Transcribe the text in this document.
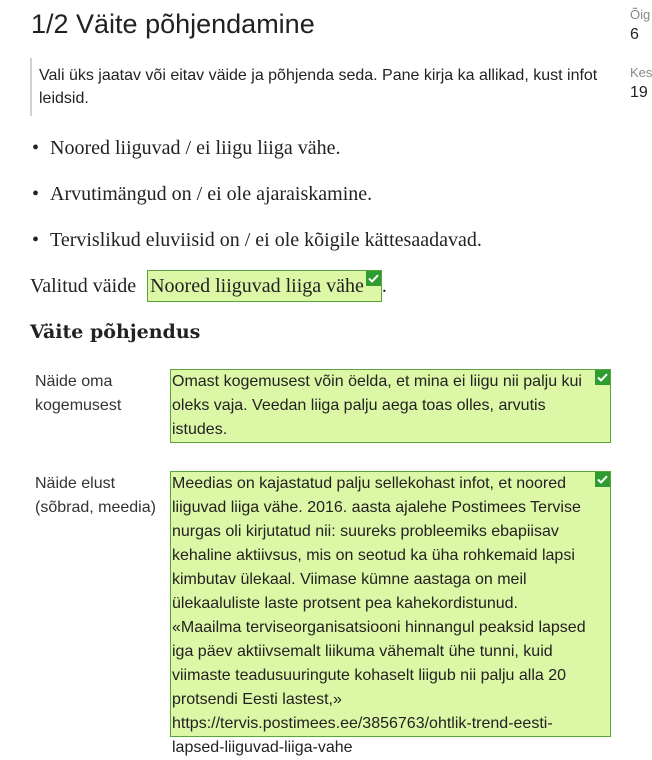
1/2 Väite põhjendamine	Õig
6
Kes
19
Vali üks jaatav või eitav väide ja põhjenda seda. Pane kirja ka allikad, kust infot leidsid.
• Noored liiguvad / ei liigu liiga vähe.
• Arvutimängud on / ei ole ajaraiskamine.
• Tervislikud eluviisid on / ei ole kõigile kättesaadavad.
Valitud väide Noored liiguvad liiga vähe .
Väite põhjendus
Näide oma kogemusest
Omast kogemusest võin öelda, et mina ei liigu nii palju kui oleks vaja. Veedan liiga palju aega toas olles, arvutis istudes.
Näide elust (sõbrad, meedia)
Meedias on kajastatud palju sellekohast infot, et noored liiguvad liiga vähe. 2016. aasta ajalehe Postimees Tervise nurgas oli kirjutatud nii: suureks probleemiks ebapiisav kehaline aktiivsus, mis on seotud ka üha rohkemaid lapsi kimbutav ülekaal. Viimase kümne aastaga on meil ülekaaluliste laste protsent pea kahekordistunud. «Maailma terviseorganisatsiooni hinnangul peaksid lapsed iga päev aktiivsemalt liikuma vähemalt ühe tunni, kuid viimaste teadusuuringute kohaselt liigub nii palju alla 20 protsendi Eesti lastest,» https://tervis.postimees.ee/3856763/ohtlik-trend-eesti-lapsed-liiguvad-liiga-vahe
